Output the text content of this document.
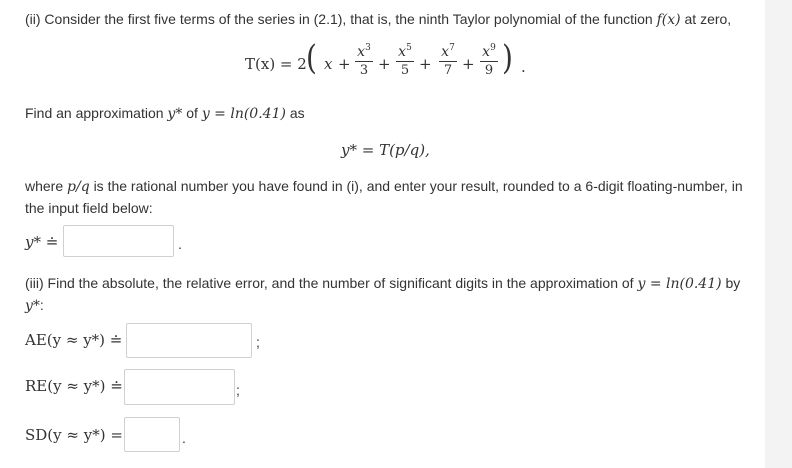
(ii) Consider the first five terms of the series in (2.1), that is, the ninth Taylor polynomial of the function f(x) at zero,
T(x) = 2 ( x +
$x^3$
3 +
$x^5$
5 +
$x^7$
7 +
$x^9$
9 ) .
Find an approximation y* of y = ln(0.41) as
y* = T(p/q),
where p/q is the rational number you have found in (i), and enter your result, rounded to a 6-digit floating-number, in
the input field below:
y* ≐	.
(iii) Find the absolute, the relative error, and the number of significant digits in the approximation of y = ln(0.41) by
y*:
AE(y ≈ y*) ≐	;
RE(y ≈ y*) ≐	;
SD(y ≈ y*) =	.
